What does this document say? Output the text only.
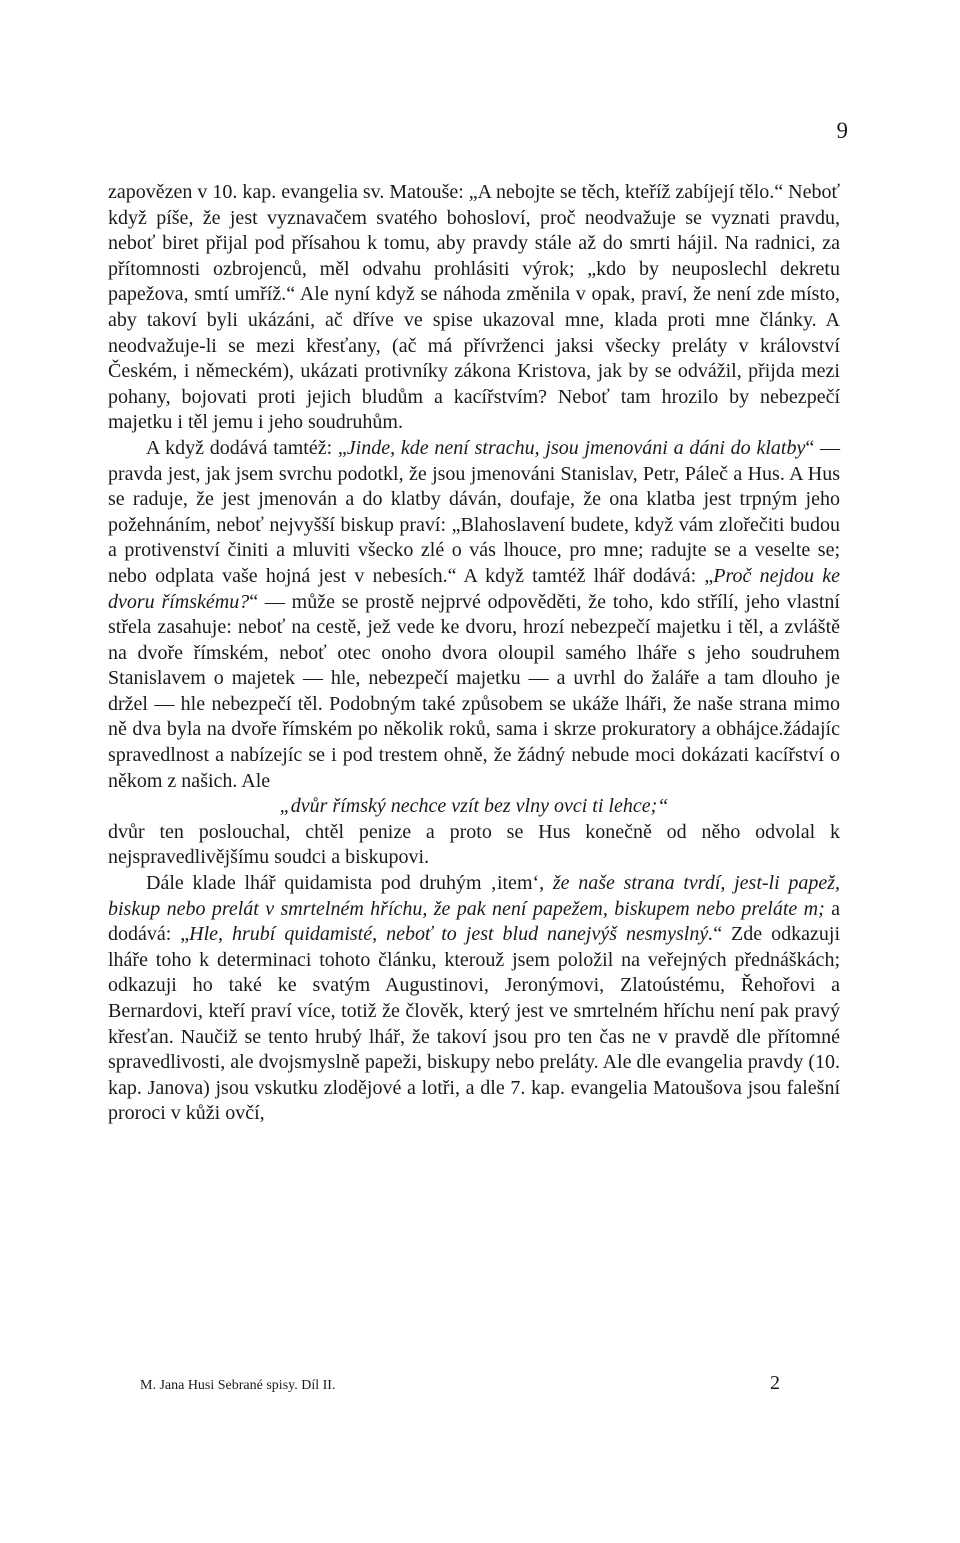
9

zapovězen v 10. kap. evangelia sv. Matouše: „A nebojte se těch, kteříž zabíjejí tělo.“ Neboť když píše, že jest vyznavačem svatého bohosloví, proč neodvažuje se vyznati pravdu, neboť biret přijal pod přísahou k tomu, aby pravdy stále až do smrti hájil. Na radnici, za přítomnosti ozbrojenců, měl odvahu prohlásiti výrok; „kdo by neuposlechl dekretu papežova, smtí umříž.“ Ale nyní když se náhoda změnila v opak, praví, že není zde místo, aby takoví byli ukázáni, ač dříve ve spise ukazoval mne, klada proti mne články. A neodvažuje-li se mezi křesťany, (ač má přívrženci jaksi všecky preláty v království Českém, i německém), ukázati protivníky zákona Kristova, jak by se odvážil, přijda mezi pohany, bojovati proti jejich bludům a kacířstvím? Neboť tam hrozilo by nebezpečí majetku i těl jemu i jeho soudruhům.

A když dodává tamtéž: „Jinde, kde není strachu, jsou jmenováni a dáni do klatby“ — pravda jest, jak jsem svrchu podotkl, že jsou jmenováni Stanislav, Petr, Páleč a Hus. A Hus se raduje, že jest jmenován a do klatby dáván, doufaje, že ona klatba jest trpným jeho požehnáním, neboť nejvyšší biskup praví: „Blahoslavení budete, když vám zlořečiti budou a protivenství činiti a mluviti všecko zlé o vás lhouce, pro mne; radujte se a veselte se; nebo odplata vaše hojná jest v nebesích.“ A když tamtéž lhář dodává: „Proč nejdou ke dvoru římskému?“ — může se prostě nejprvé odpověděti, že toho, kdo střílí, jeho vlastní střela zasahuje: neboť na cestě, jež vede ke dvoru, hrozí nebezpečí majetku i těl, a zvláště na dvoře římském, neboť otec onoho dvora oloupil samého lháře s jeho soudruhem Stanislavem o majetek — hle, nebezpečí majetku — a uvrhl do žaláře a tam dlouho je držel — hle nebezpečí těl. Podobným také způsobem se ukáže lháři, že naše strana mimo ně dva byla na dvoře římském po několik roků, sama i skrze prokuratory a obhájce.žádajíc spravedlnost a nabízejíc se i pod trestem ohně, že žádný nebude moci dokázati kacířství o někom z našich. Ale

„dvůr římský nechce vzít bez vlny ovci ti lehce;“

dvůr ten poslouchal, chtěl penize a proto se Hus konečně od něho odvolal k nejspravedlivějšímu soudci a biskupovi.

Dále klade lhář quidamista pod druhým ‚item‘, že naše strana tvrdí, jest-li papež, biskup nebo prelát v smrtelném hříchu, že pak není papežem, biskupem nebo preláte m; a dodává: „Hle, hrubí quidamisté, neboť to jest blud nanejvýš nesmyslný.“ Zde odkazuji lháře toho k determinaci tohoto článku, kterouž jsem položil na veřejných přednáškách; odkazuji ho také ke svatým Augustinovi, Jeronýmovi, Zlatoústému, Řehořovi a Bernardovi, kteří praví více, totiž že člověk, který jest ve smrtelném hříchu není pak pravý křesťan. Naučiž se tento hrubý lhář, že takoví jsou pro ten čas ne v pravdě dle přítomné spravedlivosti, ale dvojsmyslně papeži, biskupy nebo preláty. Ale dle evangelia pravdy (10. kap. Janova) jsou vskutku zlodějové a lotři, a dle 7. kap. evangelia Matoušova jsou falešní proroci v kůži ovčí,

M. Jana Husi Sebrané spisy. Díl II.	2
